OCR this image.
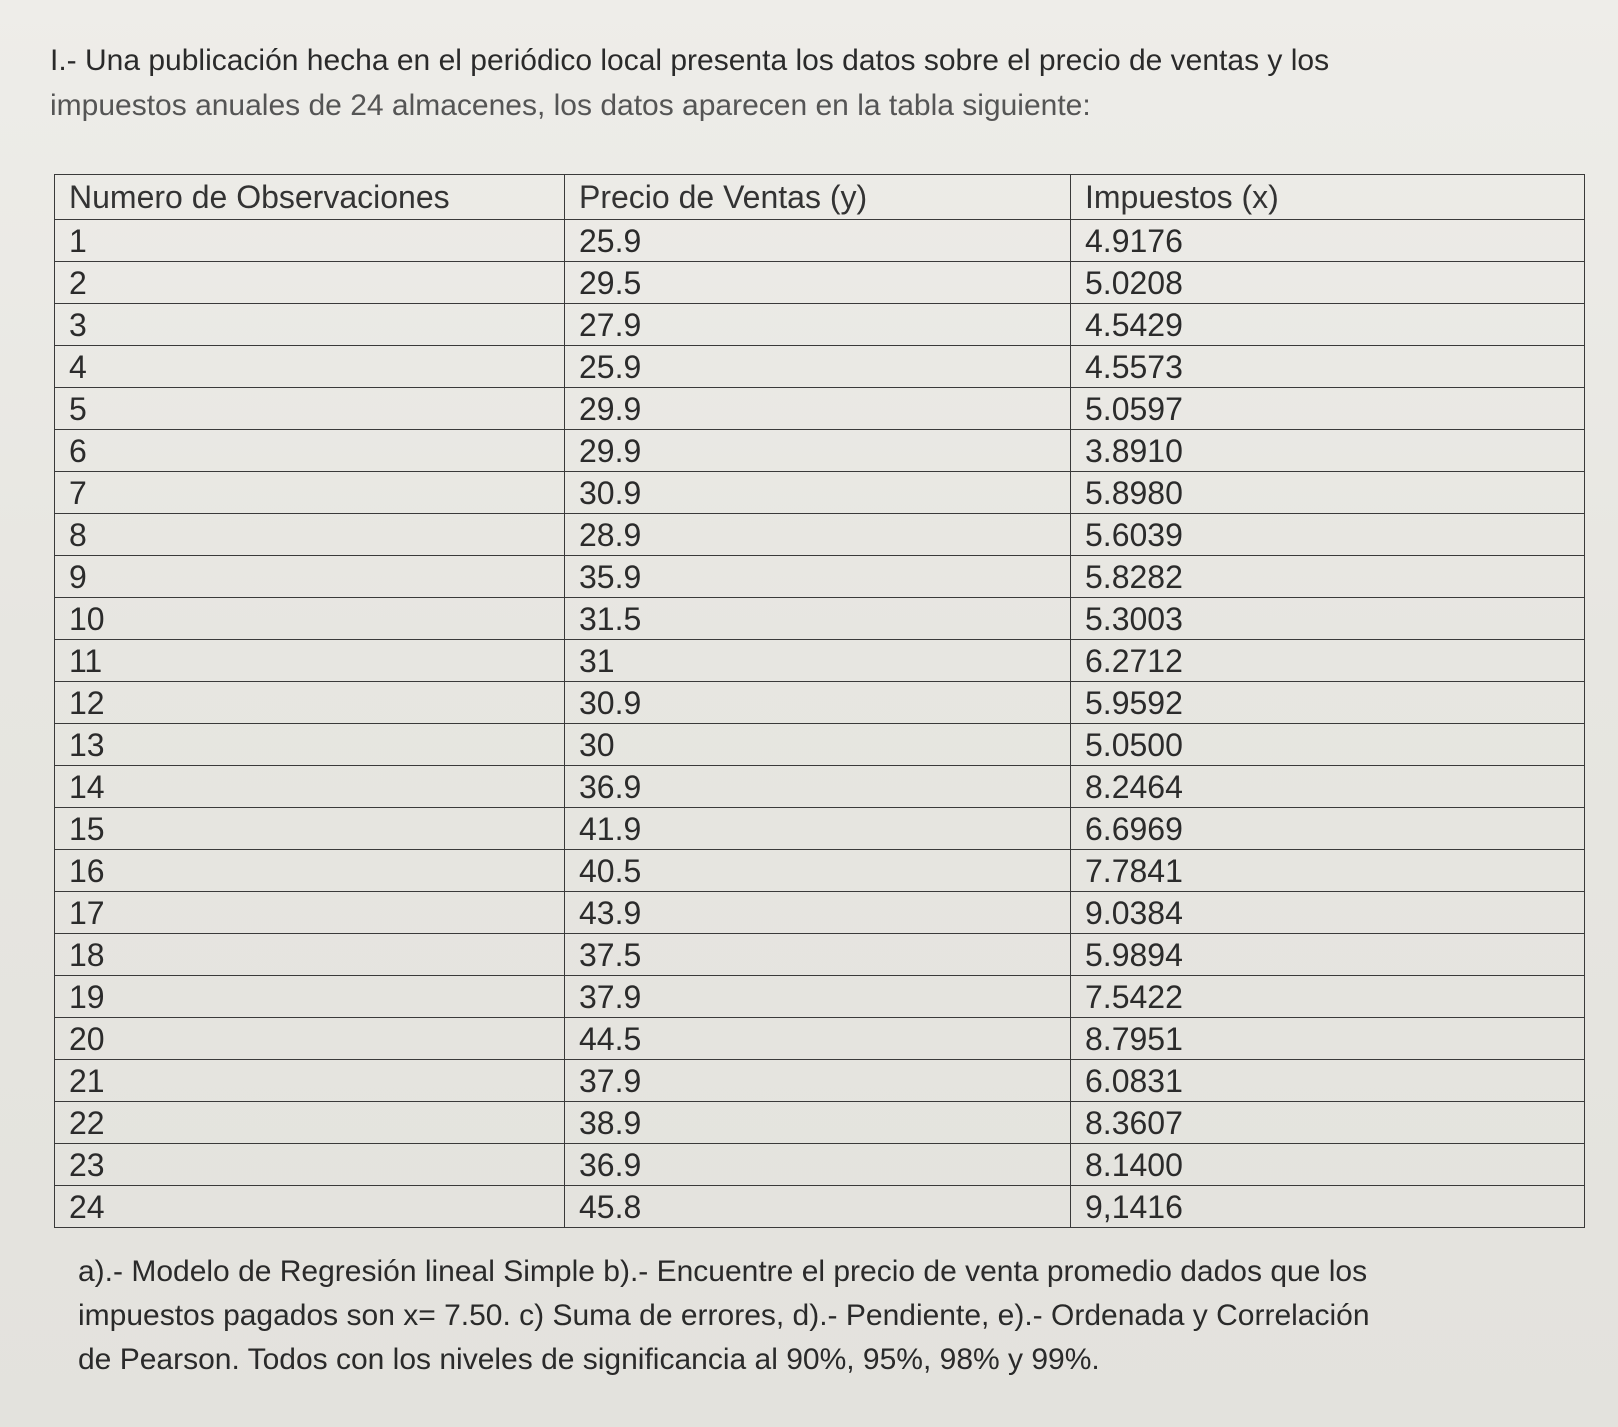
I.- Una publicación hecha en el periódico local presenta los datos sobre el precio de ventas y los
impuestos anuales de 24 almacenes, los datos aparecen en la tabla siguiente:
Numero de Observaciones	Precio de Ventas (y)	Impuestos (x)
1	25.9	4.9176
2	29.5	5.0208
3	27.9	4.5429
4	25.9	4.5573
5	29.9	5.0597
6	29.9	3.8910
7	30.9	5.8980
8	28.9	5.6039
9	35.9	5.8282
10	31.5	5.3003
11	31	6.2712
12	30.9	5.9592
13	30	5.0500
14	36.9	8.2464
15	41.9	6.6969
16	40.5	7.7841
17	43.9	9.0384
18	37.5	5.9894
19	37.9	7.5422
20	44.5	8.7951
21	37.9	6.0831
22	38.9	8.3607
23	36.9	8.1400
24	45.8	9,1416
a).- Modelo de Regresión lineal Simple b).- Encuentre el precio de venta promedio dados que los
impuestos pagados son x= 7.50. c) Suma de errores, d).- Pendiente, e).- Ordenada y Correlación
de Pearson. Todos con los niveles de significancia al 90%, 95%, 98% y 99%.
